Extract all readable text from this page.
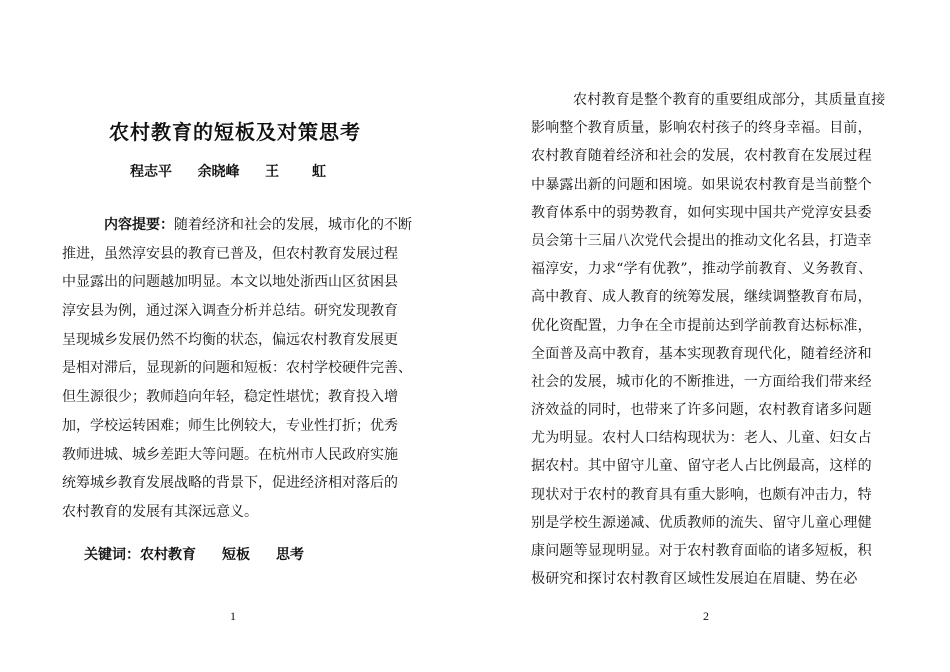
农村教育的短板及对策思考
程志平 余晓峰 王 虹
内容提要：随着经济和社会的发展，城市化的不断
推进，虽然淳安县的教育已普及，但农村教育发展过程
中显露出的问题越加明显。本文以地处浙西山区贫困县
淳安县为例，通过深入调查分析并总结。研究发现教育
呈现城乡发展仍然不均衡的状态，偏远农村教育发展更
是相对滞后，显现新的问题和短板：农村学校硬件完善、
但生源很少；教师趋向年轻，稳定性堪忧；教育投入增
加，学校运转困难；师生比例较大，专业性打折；优秀
教师进城、城乡差距大等问题。在杭州市人民政府实施
统筹城乡教育发展战略的背景下，促进经济相对落后的
农村教育的发展有其深远意义。
关键词：农村教育 短板 思考
1
农村教育是整个教育的重要组成部分，其质量直接
影响整个教育质量，影响农村孩子的终身幸福。目前，
农村教育随着经济和社会的发展，农村教育在发展过程
中暴露出新的问题和困境。如果说农村教育是当前整个
教育体系中的弱势教育，如何实现中国共产党淳安县委
员会第十三届八次党代会提出的推动文化名县，打造幸
福淳安，力求“学有优教”，推动学前教育、义务教育、
高中教育、成人教育的统筹发展，继续调整教育布局，
优化资配置，力争在全市提前达到学前教育达标标准，
全面普及高中教育，基本实现教育现代化，随着经济和
社会的发展，城市化的不断推进，一方面给我们带来经
济效益的同时，也带来了许多问题，农村教育诸多问题
尤为明显。农村人口结构现状为：老人、儿童、妇女占
据农村。其中留守儿童、留守老人占比例最高，这样的
现状对于农村的教育具有重大影响，也颇有冲击力，特
别是学校生源递减、优质教师的流失、留守儿童心理健
康问题等显现明显。对于农村教育面临的诸多短板，积
极研究和探讨农村教育区域性发展迫在眉睫、势在必
2
